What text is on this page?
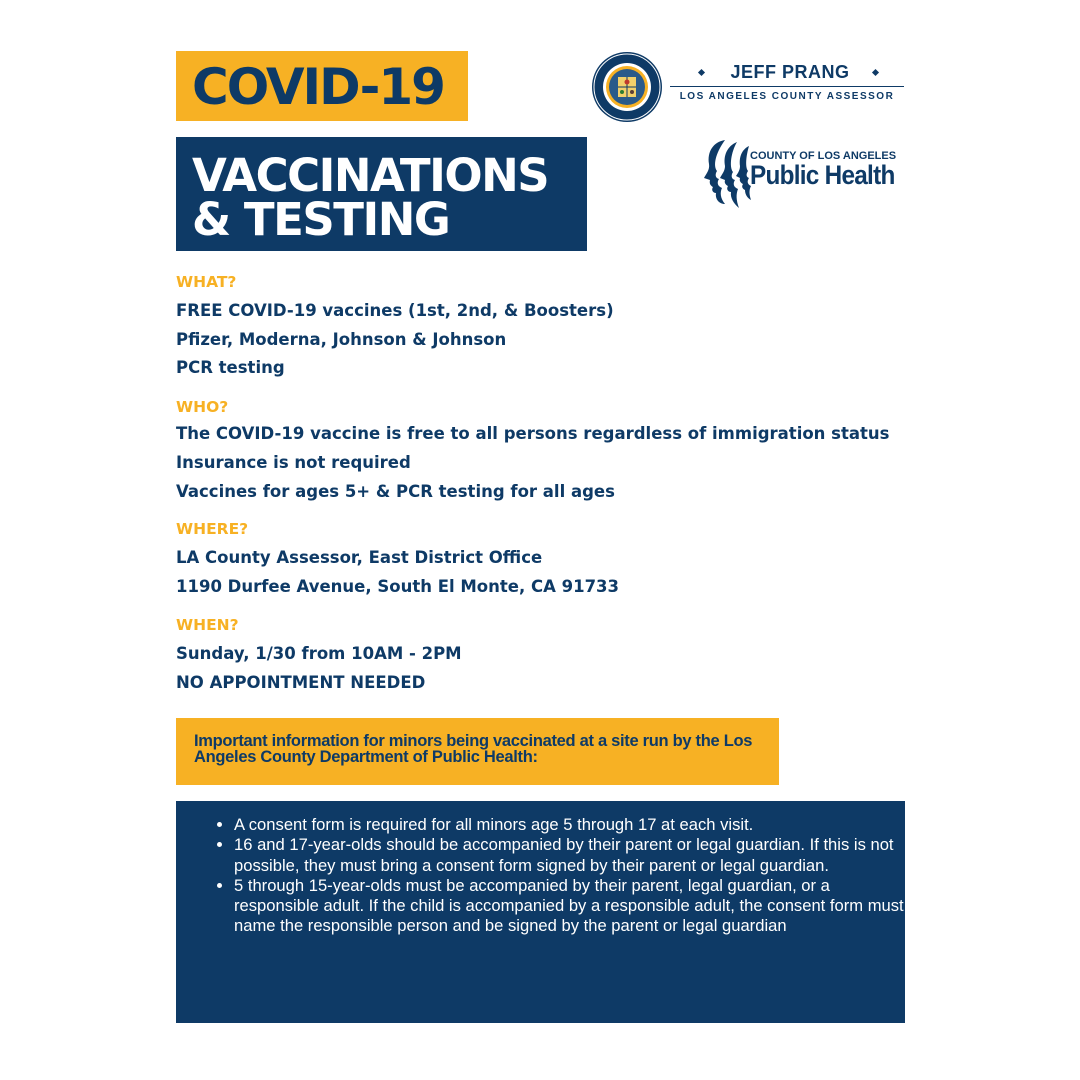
COVID-19
VACCINATIONS
& TESTING
JEFF PRANG
LOS ANGELES COUNTY ASSESSOR
COUNTY OF LOS ANGELES
Public Health
WHAT?
FREE COVID-19 vaccines (1st, 2nd, & Boosters)
Pfizer, Moderna, Johnson & Johnson
PCR testing
WHO?
The COVID-19 vaccine is free to all persons regardless of immigration status
Insurance is not required
Vaccines for ages 5+ & PCR testing for all ages
WHERE?
LA County Assessor, East District Office
1190 Durfee Avenue, South El Monte, CA 91733
WHEN?
Sunday, 1/30 from 10AM - 2PM
NO APPOINTMENT NEEDED
Important information for minors being vaccinated at a site run by the Los Angeles County Department of Public Health:
• A consent form is required for all minors age 5 through 17 at each visit.
• 16 and 17-year-olds should be accompanied by their parent or legal guardian. If this is not possible, they must bring a consent form signed by their parent or legal guardian.
• 5 through 15-year-olds must be accompanied by their parent, legal guardian, or a responsible adult. If the child is accompanied by a responsible adult, the consent form must name the responsible person and be signed by the parent or legal guardian
